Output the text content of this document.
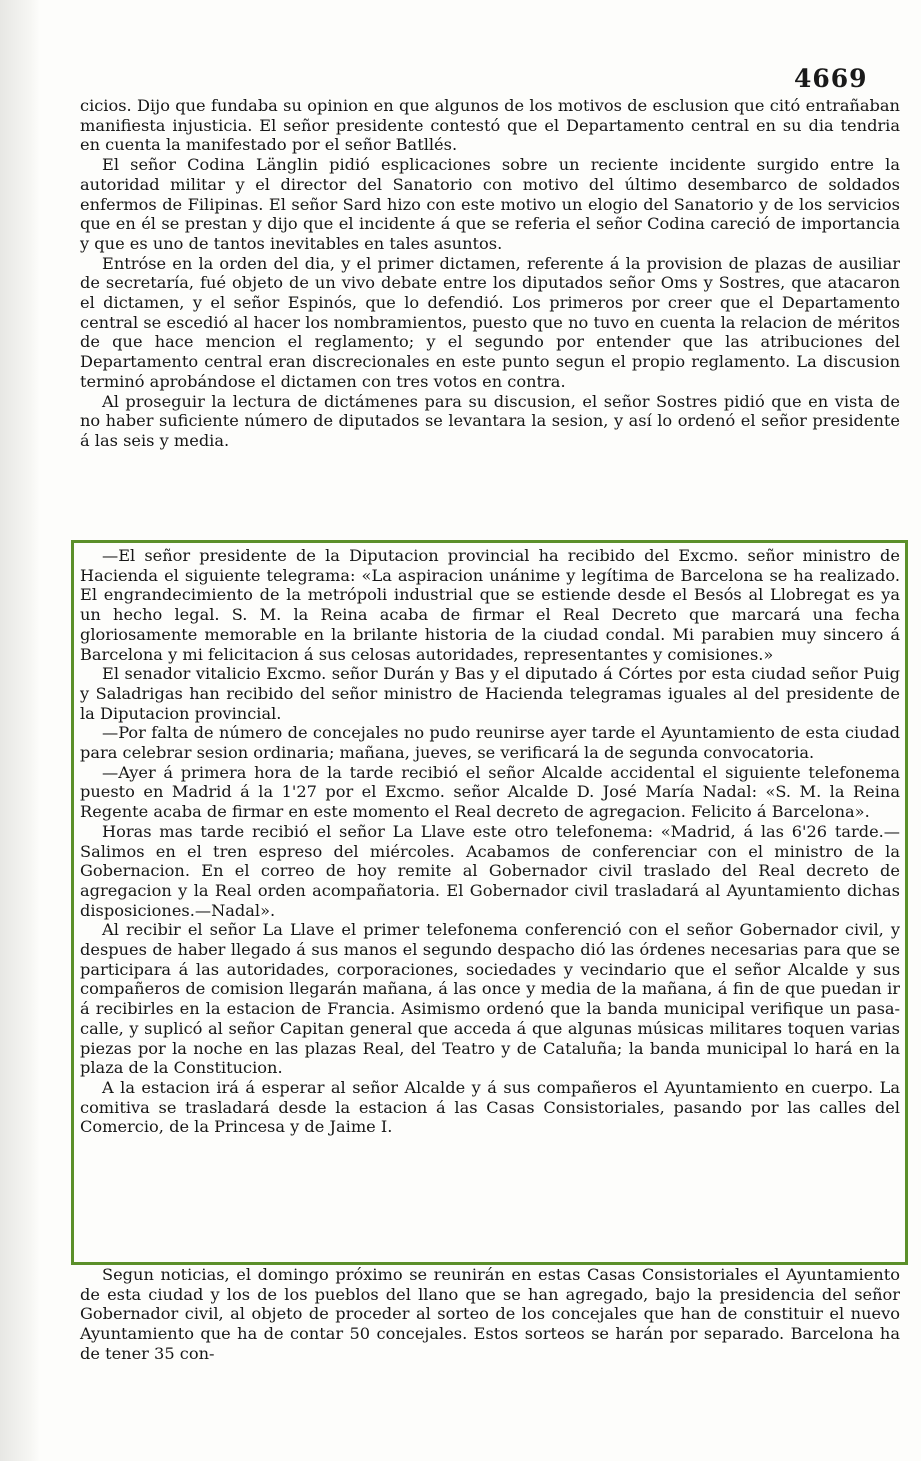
4669

cicios. Dijo que fundaba su opinion en que algunos de los motivos de esclusion que citó entrañaban manifiesta injusticia. El señor presidente contestó que el Departamento central en su dia tendria en cuenta la manifestado por el señor Batllés.

El señor Codina Länglin pidió esplicaciones sobre un reciente incidente surgido entre la autoridad militar y el director del Sanatorio con motivo del último desembarco de soldados enfermos de Filipinas. El señor Sard hizo con este motivo un elogio del Sanatorio y de los servicios que en él se prestan y dijo que el incidente á que se referia el señor Codina careció de importancia y que es uno de tantos inevitables en tales asuntos.

Entróse en la orden del dia, y el primer dictamen, referente á la provision de plazas de ausiliar de secretaría, fué objeto de un vivo debate entre los diputados señor Oms y Sostres, que atacaron el dictamen, y el señor Espinós, que lo defendió. Los primeros por creer que el Departamento central se escedió al hacer los nombramientos, puesto que no tuvo en cuenta la relacion de méritos de que hace mencion el reglamento; y el segundo por entender que las atribuciones del Departamento central eran discrecionales en este punto segun el propio reglamento. La discusion terminó aprobándose el dictamen con tres votos en contra.

Al proseguir la lectura de dictámenes para su discusion, el señor Sostres pidió que en vista de no haber suficiente número de diputados se levantara la sesion, y así lo ordenó el señor presidente á las seis y media.

—El señor presidente de la Diputacion provincial ha recibido del Excmo. señor ministro de Hacienda el siguiente telegrama: «La aspiracion unánime y legítima de Barcelona se ha realizado. El engrandecimiento de la metrópoli industrial que se estiende desde el Besós al Llobregat es ya un hecho legal. S. M. la Reina acaba de firmar el Real Decreto que marcará una fecha gloriosamente memorable en la brilante historia de la ciudad condal. Mi parabien muy sincero á Barcelona y mi felicitacion á sus celosas autoridades, representantes y comisiones.»

El senador vitalicio Excmo. señor Durán y Bas y el diputado á Córtes por esta ciudad señor Puig y Saladrigas han recibido del señor ministro de Hacienda telegramas iguales al del presidente de la Diputacion provincial.

—Por falta de número de concejales no pudo reunirse ayer tarde el Ayuntamiento de esta ciudad para celebrar sesion ordinaria; mañana, jueves, se verificará la de segunda convocatoria.

—Ayer á primera hora de la tarde recibió el señor Alcalde accidental el siguiente telefonema puesto en Madrid á la 1'27 por el Excmo. señor Alcalde D. José María Nadal: «S. M. la Reina Regente acaba de firmar en este momento el Real decreto de agregacion. Felicito á Barcelona».

Horas mas tarde recibió el señor La Llave este otro telefonema: «Madrid, á las 6'26 tarde.—Salimos en el tren espreso del miércoles. Acabamos de conferenciar con el ministro de la Gobernacion. En el correo de hoy remite al Gobernador civil traslado del Real decreto de agregacion y la Real orden acompañatoria. El Gobernador civil trasladará al Ayuntamiento dichas disposiciones.—Nadal».

Al recibir el señor La Llave el primer telefonema conferenció con el señor Gobernador civil, y despues de haber llegado á sus manos el segundo despacho dió las órdenes necesarias para que se participara á las autoridades, corporaciones, sociedades y vecindario que el señor Alcalde y sus compañeros de comision llegarán mañana, á las once y media de la mañana, á fin de que puedan ir á recibirles en la estacion de Francia. Asimismo ordenó que la banda municipal verifique un pasa-calle, y suplicó al señor Capitan general que acceda á que algunas músicas militares toquen varias piezas por la noche en las plazas Real, del Teatro y de Cataluña; la banda municipal lo hará en la plaza de la Constitucion.

A la estacion irá á esperar al señor Alcalde y á sus compañeros el Ayuntamiento en cuerpo. La comitiva se trasladará desde la estacion á las Casas Consistoriales, pasando por las calles del Comercio, de la Princesa y de Jaime I.

Segun noticias, el domingo próximo se reunirán en estas Casas Consistoriales el Ayuntamiento de esta ciudad y los de los pueblos del llano que se han agregado, bajo la presidencia del señor Gobernador civil, al objeto de proceder al sorteo de los concejales que han de constituir el nuevo Ayuntamiento que ha de contar 50 concejales. Estos sorteos se harán por separado. Barcelona ha de tener 35 con-
